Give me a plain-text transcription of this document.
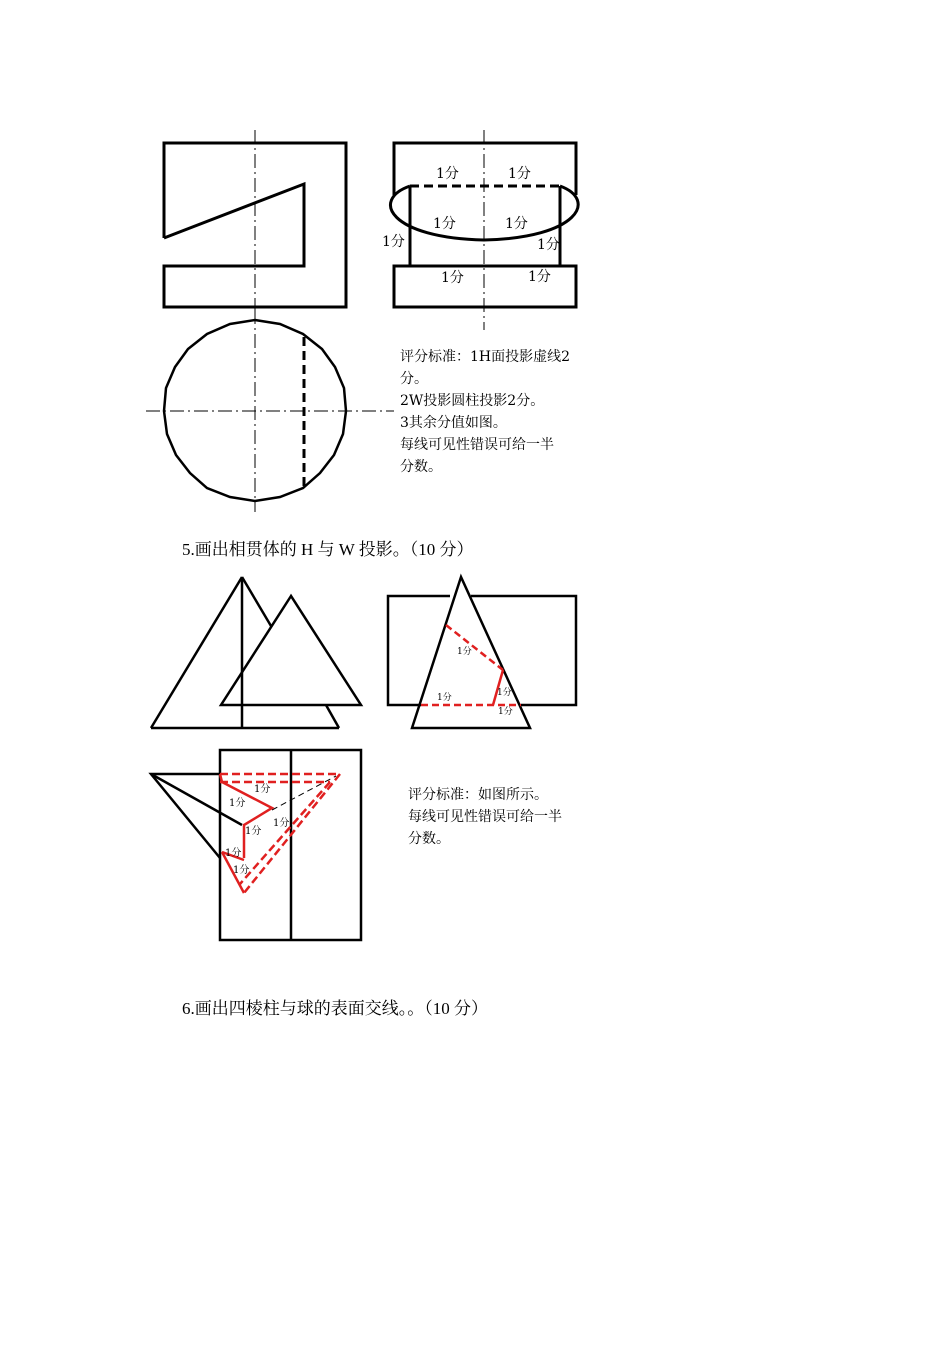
1分	1分
1分	1分
1分	1分
1分	1分
1分
1分	1分
1分
1分
1分
1分
1分
1分
1分
评分标准：1H面投影虚线2
分。
2W投影圆柱投影2分。
3其余分值如图。
每线可见性错误可给一半
分数。
5.画出相贯体的 H 与 W 投影。（10 分）
评分标准：如图所示。
每线可见性错误可给一半
分数。
6.画出四棱柱与球的表面交线。。（10 分）
